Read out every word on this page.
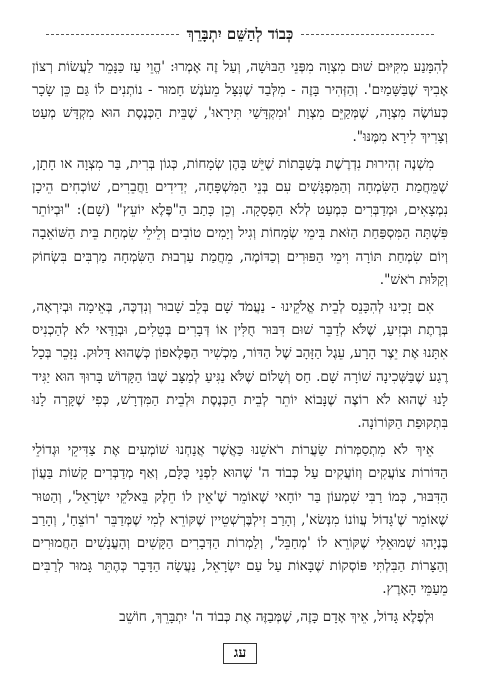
כְּבוֹד לְהַשֵּׁם יִתְבָּרֵךְ

לְהִמָּנַע מִקִּיּוּם שׁוּם מִצְוָה מִפְּנֵי הַבּוּשָׁה, וְעַל זֶה אָמְרוּ: 'הֱוֵי עַז כַּנָּמֵר לַעֲשׂוֹת רְצוֹן אָבִיךָ שֶׁבַּשָּׁמַיִם'. וְהַזְּהִיר בָּזֶה - מִלְּבַד שֶׁנִּצָּל מֵעֹנֶשׁ חָמוּר - נוֹתְנִים לוֹ גַּם כֵּן שָׂכָר כְּעוֹשֶׂה מִצְוָה, שֶׁמְּקַיֵּם מִצְוַת 'וּמִקְדָּשַׁי תִּירָאוּ', שֶׁבֵּית הַכְּנֶסֶת הוּא מִקְדָּשׁ מְעַט וְצָרִיךְ לִירָא מִמֶּנּוּ".

מִשְׁנֶה זְהִירוּת נִדְרֶשֶׁת בְּשַׁבָּתוֹת שֶׁיֵּשׁ בָּהֶן שְׂמָחוֹת, כְּגוֹן בְּרִית, בַּר מִצְוָה או חָתָן, שֶׁמֵּחֲמַת הַשִּׂמְחָה וְהַמִּפְגָּשִׁים עִם בְּנֵי הַמִּשְׁפָּחָה, יְדִידִים וַחֲבֵרִים, שׁוֹכְחִים הֵיכָן נִמְצָאִים, וּמְדַבְּרִים כִּמְעַט לְלֹא הַפְסָקָה. וְכֵן כָּתַב הַ"פֶּלֶא יוֹעֵץ" (שָׁם): "וּבְיוֹתֵר פִּשְׁתָּה הַמִּסְפַּחַת הַזֹּאת בִּימֵי שְׂמָחוֹת וְגִיל וְיָמִים טוֹבִים וְלֵילֵי שִׂמְחַת בֵּית הַשּׁוֹאֵבָה וְיוֹם שִׂמְחַת תּוֹרָה וִימֵי הַפּוּרִים וְכַדּוֹמֶה, מֵחֲמַת עַרְבוּת הַשִּׂמְחָה מַרְבִּים בִּשְׂחוֹק וְקַלּוּת רֹאשׁ".

אִם זָכִינוּ לְהִכָּנֵס לְבֵית אֱלֹקֵינוּ - נַעֲמֹד שָׁם בְּלֵב שָׁבוּר וְנִדְכֶּה, בְּאֵימָה וּבְיִרְאָה, בְּרֶתֶת וּבְזִיעַ, שֶׁלֹּא לְדַבֵּר שׁוּם דִּבּוּר חֻלִּין אוֹ דְּבָרִים בְּטֵלִים, וּבְוַדַּאי לֹא לְהַכְנִיס אִתָּנוּ אֶת יֵצֶר הָרָע, עֵגֶל הַזָּהָב שֶׁל הַדּוֹר, מַכְשִׁיר הַפֶּלֶאפוֹן כְּשֶׁהוּא דָּלוּק. נִזָּכֵר בְּכָל רֶגַע שֶׁבַּשְּׁכִינָה שׁוֹרָה שָׁם. חַס וְשָׁלוֹם שֶׁלֹּא נַגִּיעַ לְמַצָּב שֶׁבּוֹ הַקָּדוֹשׁ בָּרוּךְ הוּא יַגִּיד לָנוּ שֶׁהוּא לֹא רוֹצֶה שֶׁנָּבוֹא יוֹתֵר לְבֵית הַכְּנֶסֶת וּלְבֵית הַמִּדְרָשׁ, כְּפִי שֶׁקָּרָה לָנוּ בִּתְקוּפַת הַקּוֹרוֹנָה.

אֵיךְ לֹא מִתְסַמְּרוֹת שַׂעֲרוֹת רֹאשֵׁנוּ כַּאֲשֶׁר אֲנַחְנוּ שׁוֹמְעִים אֶת צַדִּיקֵי וּגְדוֹלֵי הַדּוֹרוֹת צוֹעֲקִים וְזוֹעֲקִים עַל כְּבוֹד ה' שֶׁהוּא לִפְנֵי כֻּלָּם, וְאַף מְדַבְּרִים קָשׁוֹת בַּעֲוֹן הַדִּבּוּר, כְּמוֹ רַבִּי שִׁמְעוֹן בַּר יוֹחָאי שֶׁאוֹמֵר שֶׁ'אֵין לוֹ חֵלֶק בֵּאלֹקֵי יִשְׂרָאֵל', וְהַטּוּר שֶׁאוֹמֵר שֶׁ'גָּדוֹל עֲווֹנוֹ מִנְּשׂא', וְהָרַב זִילְבֶּרְשְׁטֵיין שֶׁקּוֹרֵא לְמִי שֶׁמְּדַבֵּר 'רוֹצֵחַ', וְהָרַב בֶּנְיָהוּ שְׁמוּאֵלִי שֶׁקּוֹרֵא לוֹ 'מְחַבֵּל', וְלַמְרוֹת הַדְּבָרִים הַקָּשִׁים וְהָעֳנָשִׁים הַחֲמוּרִים וְהַצָּרוֹת הַבִּלְתִּי פּוֹסְקוֹת שֶׁבָּאוֹת עַל עַם יִשְׂרָאֵל, נַעֲשָׂה הַדָּבָר כְּהֶתֵּר גָּמוּר לְרַבִּים מֵעַמֵּי הָאָרֶץ.

וּלְפֶלֶא גָּדוֹל, אֵיךְ אָדָם כָּזֶה, שֶׁמְּבַזֶּה אֶת כְּבוֹד ה' יִתְבָּרֵךְ, חוֹשֵׁב

עג
